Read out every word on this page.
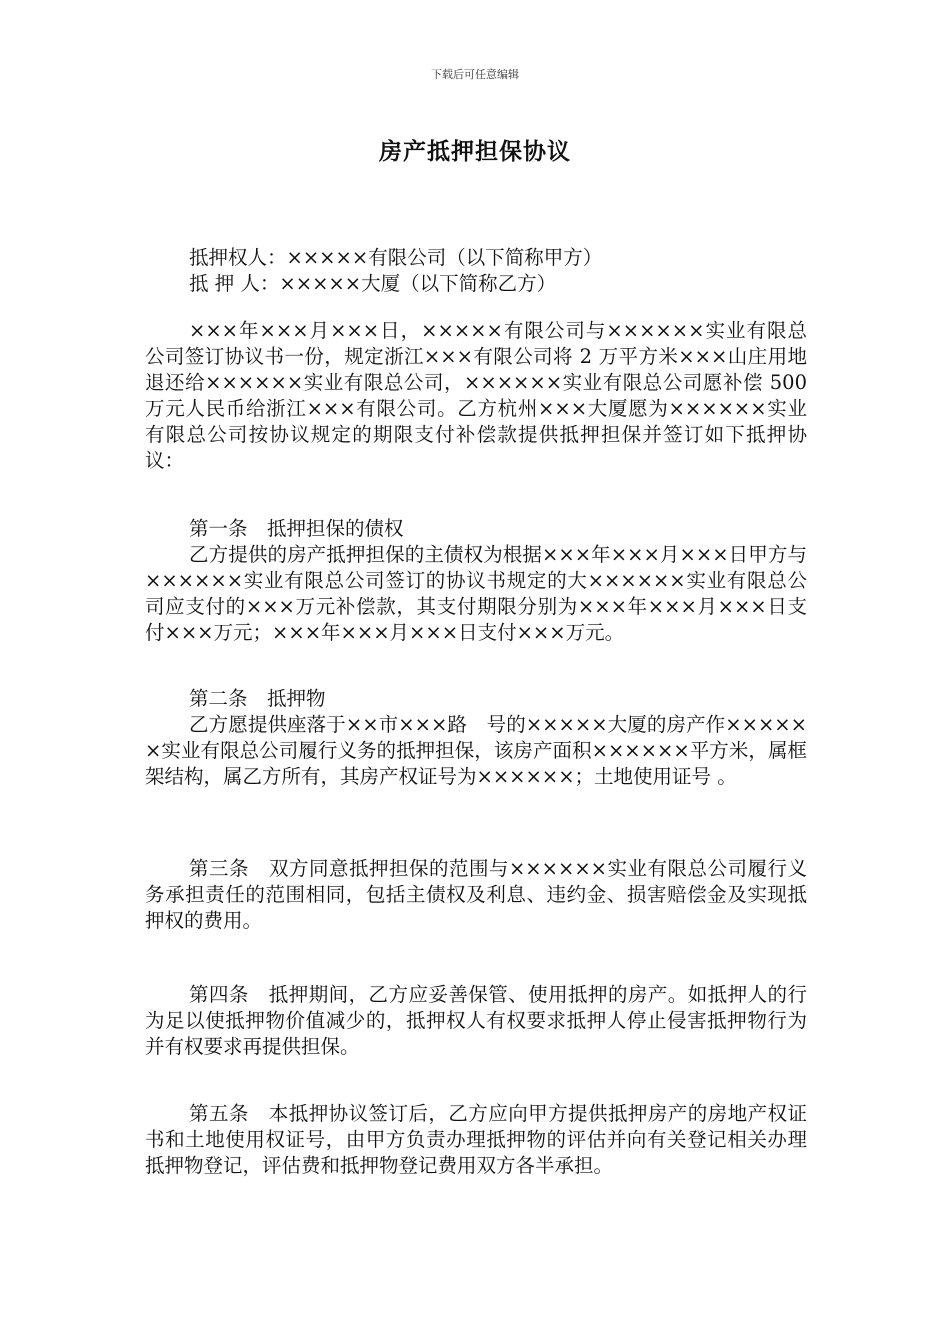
下载后可任意编辑
房产抵押担保协议

抵押权人：×××××有限公司（以下简称甲方）

抵 押 人：×××××大厦（以下简称乙方）

×××年×××月×××日，×××××有限公司与××××××实业有限总公司签订协议书一份，规定浙江×××有限公司将 2 万平方米×××山庄用地退还给××××××实业有限总公司，××××××实业有限总公司愿补偿 500 万元人民币给浙江×××有限公司。乙方杭州×××大厦愿为××××××实业有限总公司按协议规定的期限支付补偿款提供抵押担保并签订如下抵押协议：

第一条　抵押担保的债权

乙方提供的房产抵押担保的主债权为根据×××年×××月×××日甲方与××××××实业有限总公司签订的协议书规定的大××××××实业有限总公司应支付的×××万元补偿款，其支付期限分别为×××年×××月×××日支付×××万元；×××年×××月×××日支付×××万元。

第二条　抵押物

乙方愿提供座落于××市×××路　号的×××××大厦的房产作××××××实业有限总公司履行义务的抵押担保，该房产面积××××××平方米，属框架结构，属乙方所有，其房产权证号为××××××；土地使用证号 。

第三条　双方同意抵押担保的范围与××××××实业有限总公司履行义务承担责任的范围相同，包括主债权及利息、违约金、损害赔偿金及实现抵押权的费用。

第四条　抵押期间，乙方应妥善保管、使用抵押的房产。如抵押人的行为足以使抵押物价值减少的，抵押权人有权要求抵押人停止侵害抵押物行为并有权要求再提供担保。

第五条　本抵押协议签订后，乙方应向甲方提供抵押房产的房地产权证书和土地使用权证号，由甲方负责办理抵押物的评估并向有关登记相关办理抵押物登记，评估费和抵押物登记费用双方各半承担。
